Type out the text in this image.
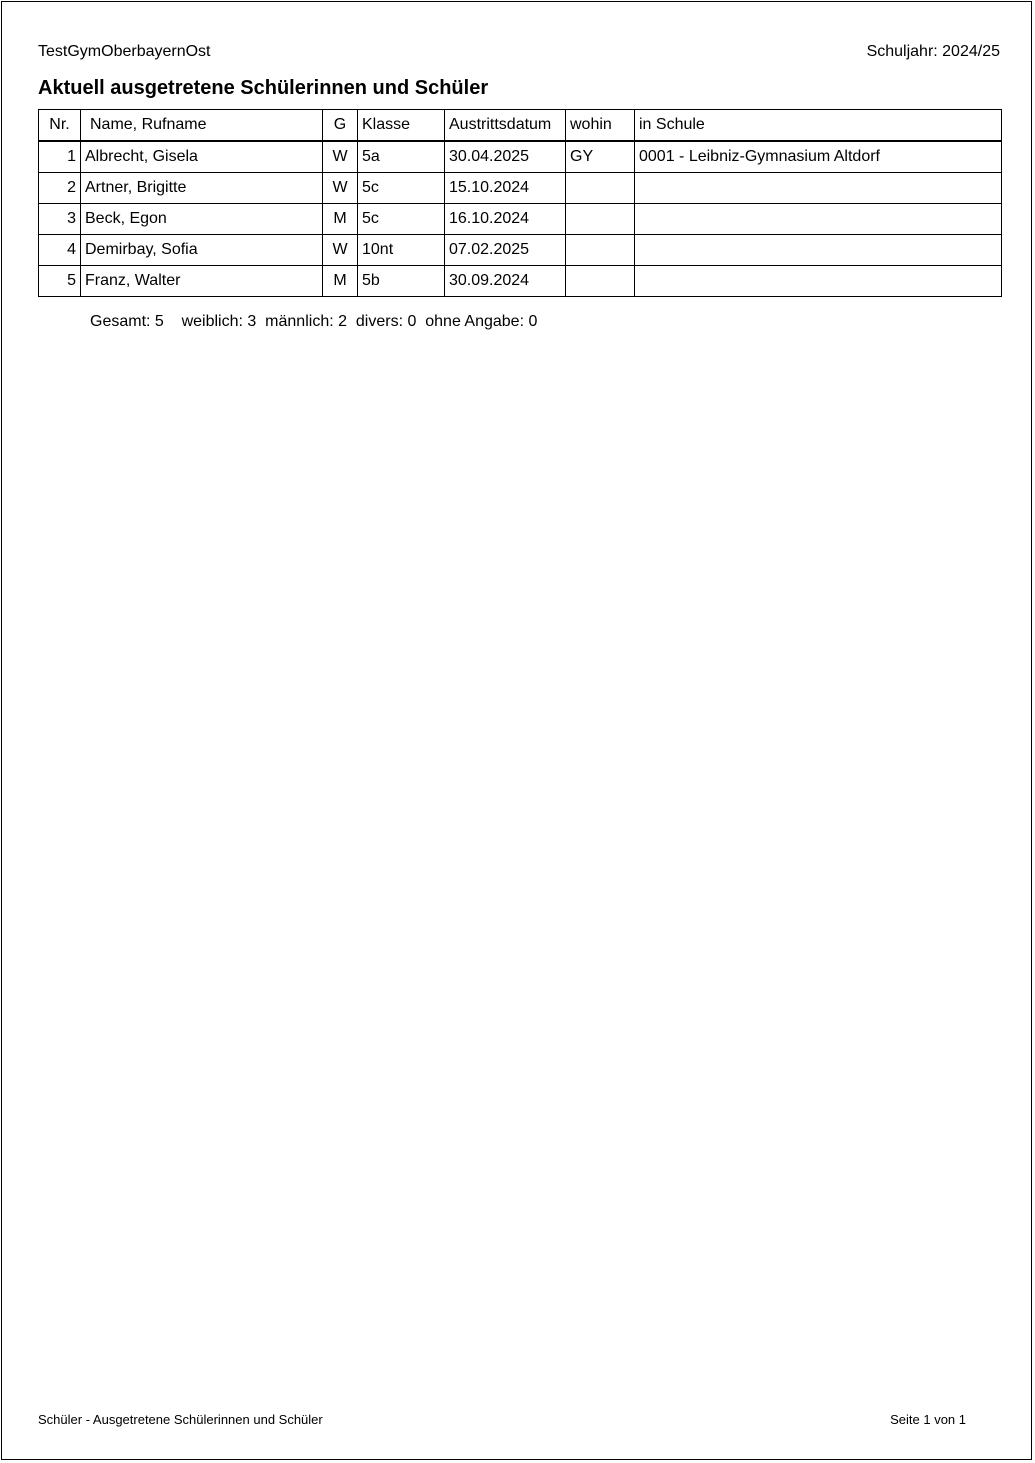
TestGymOberbayernOst	Schuljahr: 2024/25
Aktuell ausgetretene Schülerinnen und Schüler
Nr.	Name, Rufname	G	Klasse	Austrittsdatum	wohin	in Schule
1	Albrecht, Gisela	W	5a	30.04.2025	GY	0001 - Leibniz-Gymnasium Altdorf
2	Artner, Brigitte	W	5c	15.10.2024		
3	Beck, Egon	M	5c	16.10.2024		
4	Demirbay, Sofia	W	10nt	07.02.2025		
5	Franz, Walter	M	5b	30.09.2024		
Gesamt: 5    weiblich: 3  männlich: 2  divers: 0  ohne Angabe: 0
Schüler - Ausgetretene Schülerinnen und Schüler	Seite 1 von 1
